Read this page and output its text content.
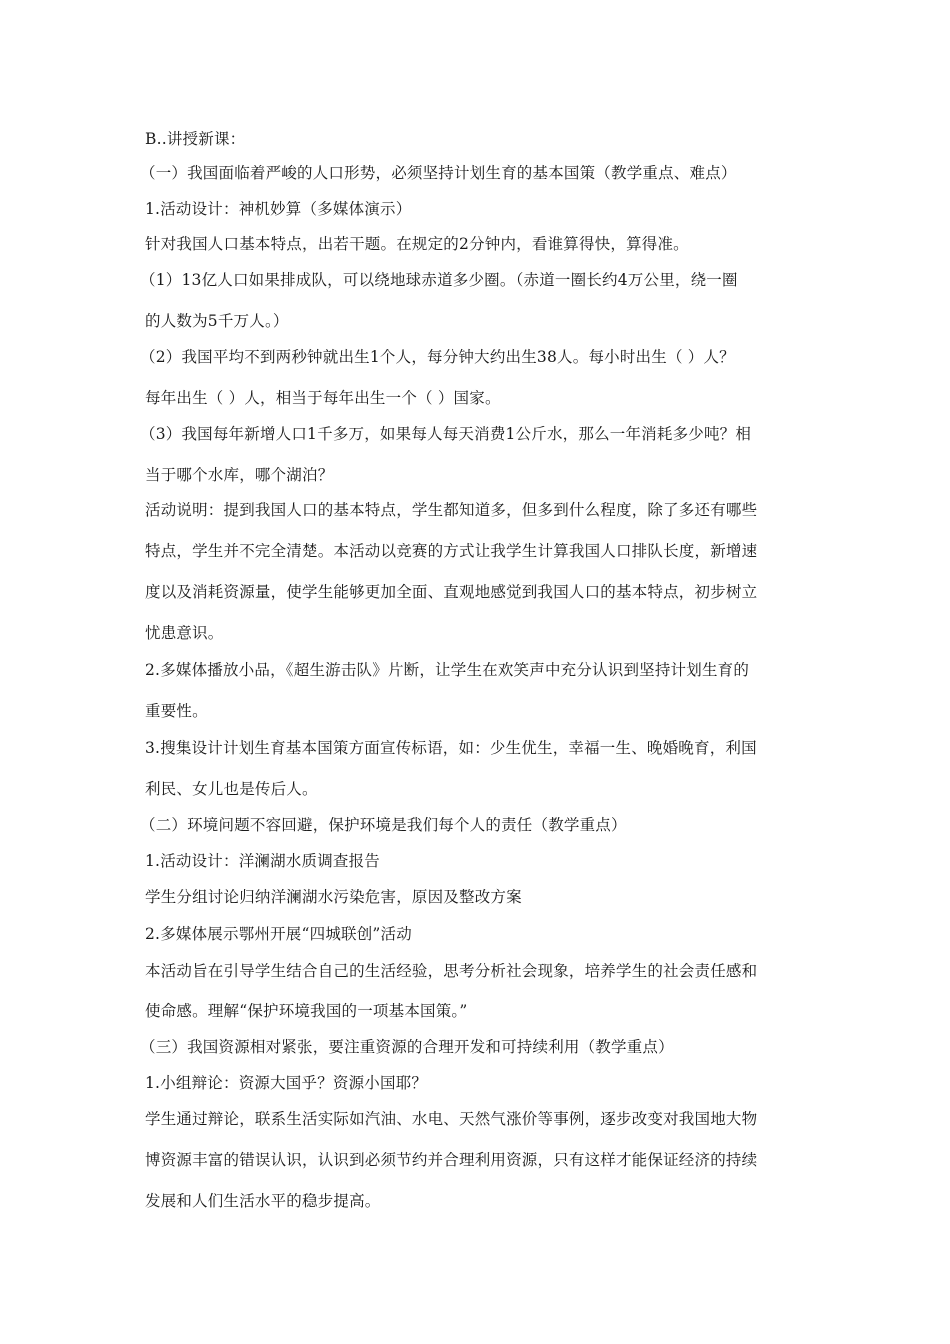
B..讲授新课：
（一）我国面临着严峻的人口形势，必须坚持计划生育的基本国策（教学重点、难点）
1.活动设计：神机妙算（多媒体演示）
针对我国人口基本特点，出若干题。在规定的2分钟内，看谁算得快，算得准。
（1）13亿人口如果排成队，可以绕地球赤道多少圈。（赤道一圈长约4万公里，绕一圈
的人数为5千万人。）
（2）我国平均不到两秒钟就出生1个人，每分钟大约出生38人。每小时出生（ ）人？
每年出生（ ）人，相当于每年出生一个（ ）国家。
（3）我国每年新增人口1千多万，如果每人每天消费1公斤水，那么一年消耗多少吨？相
当于哪个水库，哪个湖泊？
活动说明：提到我国人口的基本特点，学生都知道多，但多到什么程度，除了多还有哪些
特点，学生并不完全清楚。本活动以竞赛的方式让我学生计算我国人口排队长度，新增速
度以及消耗资源量，使学生能够更加全面、直观地感觉到我国人口的基本特点，初步树立
忧患意识。
2.多媒体播放小品，《超生游击队》片断，让学生在欢笑声中充分认识到坚持计划生育的
重要性。
3.搜集设计计划生育基本国策方面宣传标语，如：少生优生，幸福一生、晚婚晚育，利国
利民、女儿也是传后人。
（二）环境问题不容回避，保护环境是我们每个人的责任（教学重点）
1.活动设计：洋澜湖水质调查报告
学生分组讨论归纳洋澜湖水污染危害，原因及整改方案
2.多媒体展示鄂州开展“四城联创”活动
本活动旨在引导学生结合自己的生活经验，思考分析社会现象，培养学生的社会责任感和
使命感。理解“保护环境我国的一项基本国策。”
（三）我国资源相对紧张，要注重资源的合理开发和可持续利用（教学重点）
1.小组辩论：资源大国乎？资源小国耶？
学生通过辩论，联系生活实际如汽油、水电、天然气涨价等事例，逐步改变对我国地大物
博资源丰富的错误认识，认识到必须节约并合理利用资源，只有这样才能保证经济的持续
发展和人们生活水平的稳步提高。
